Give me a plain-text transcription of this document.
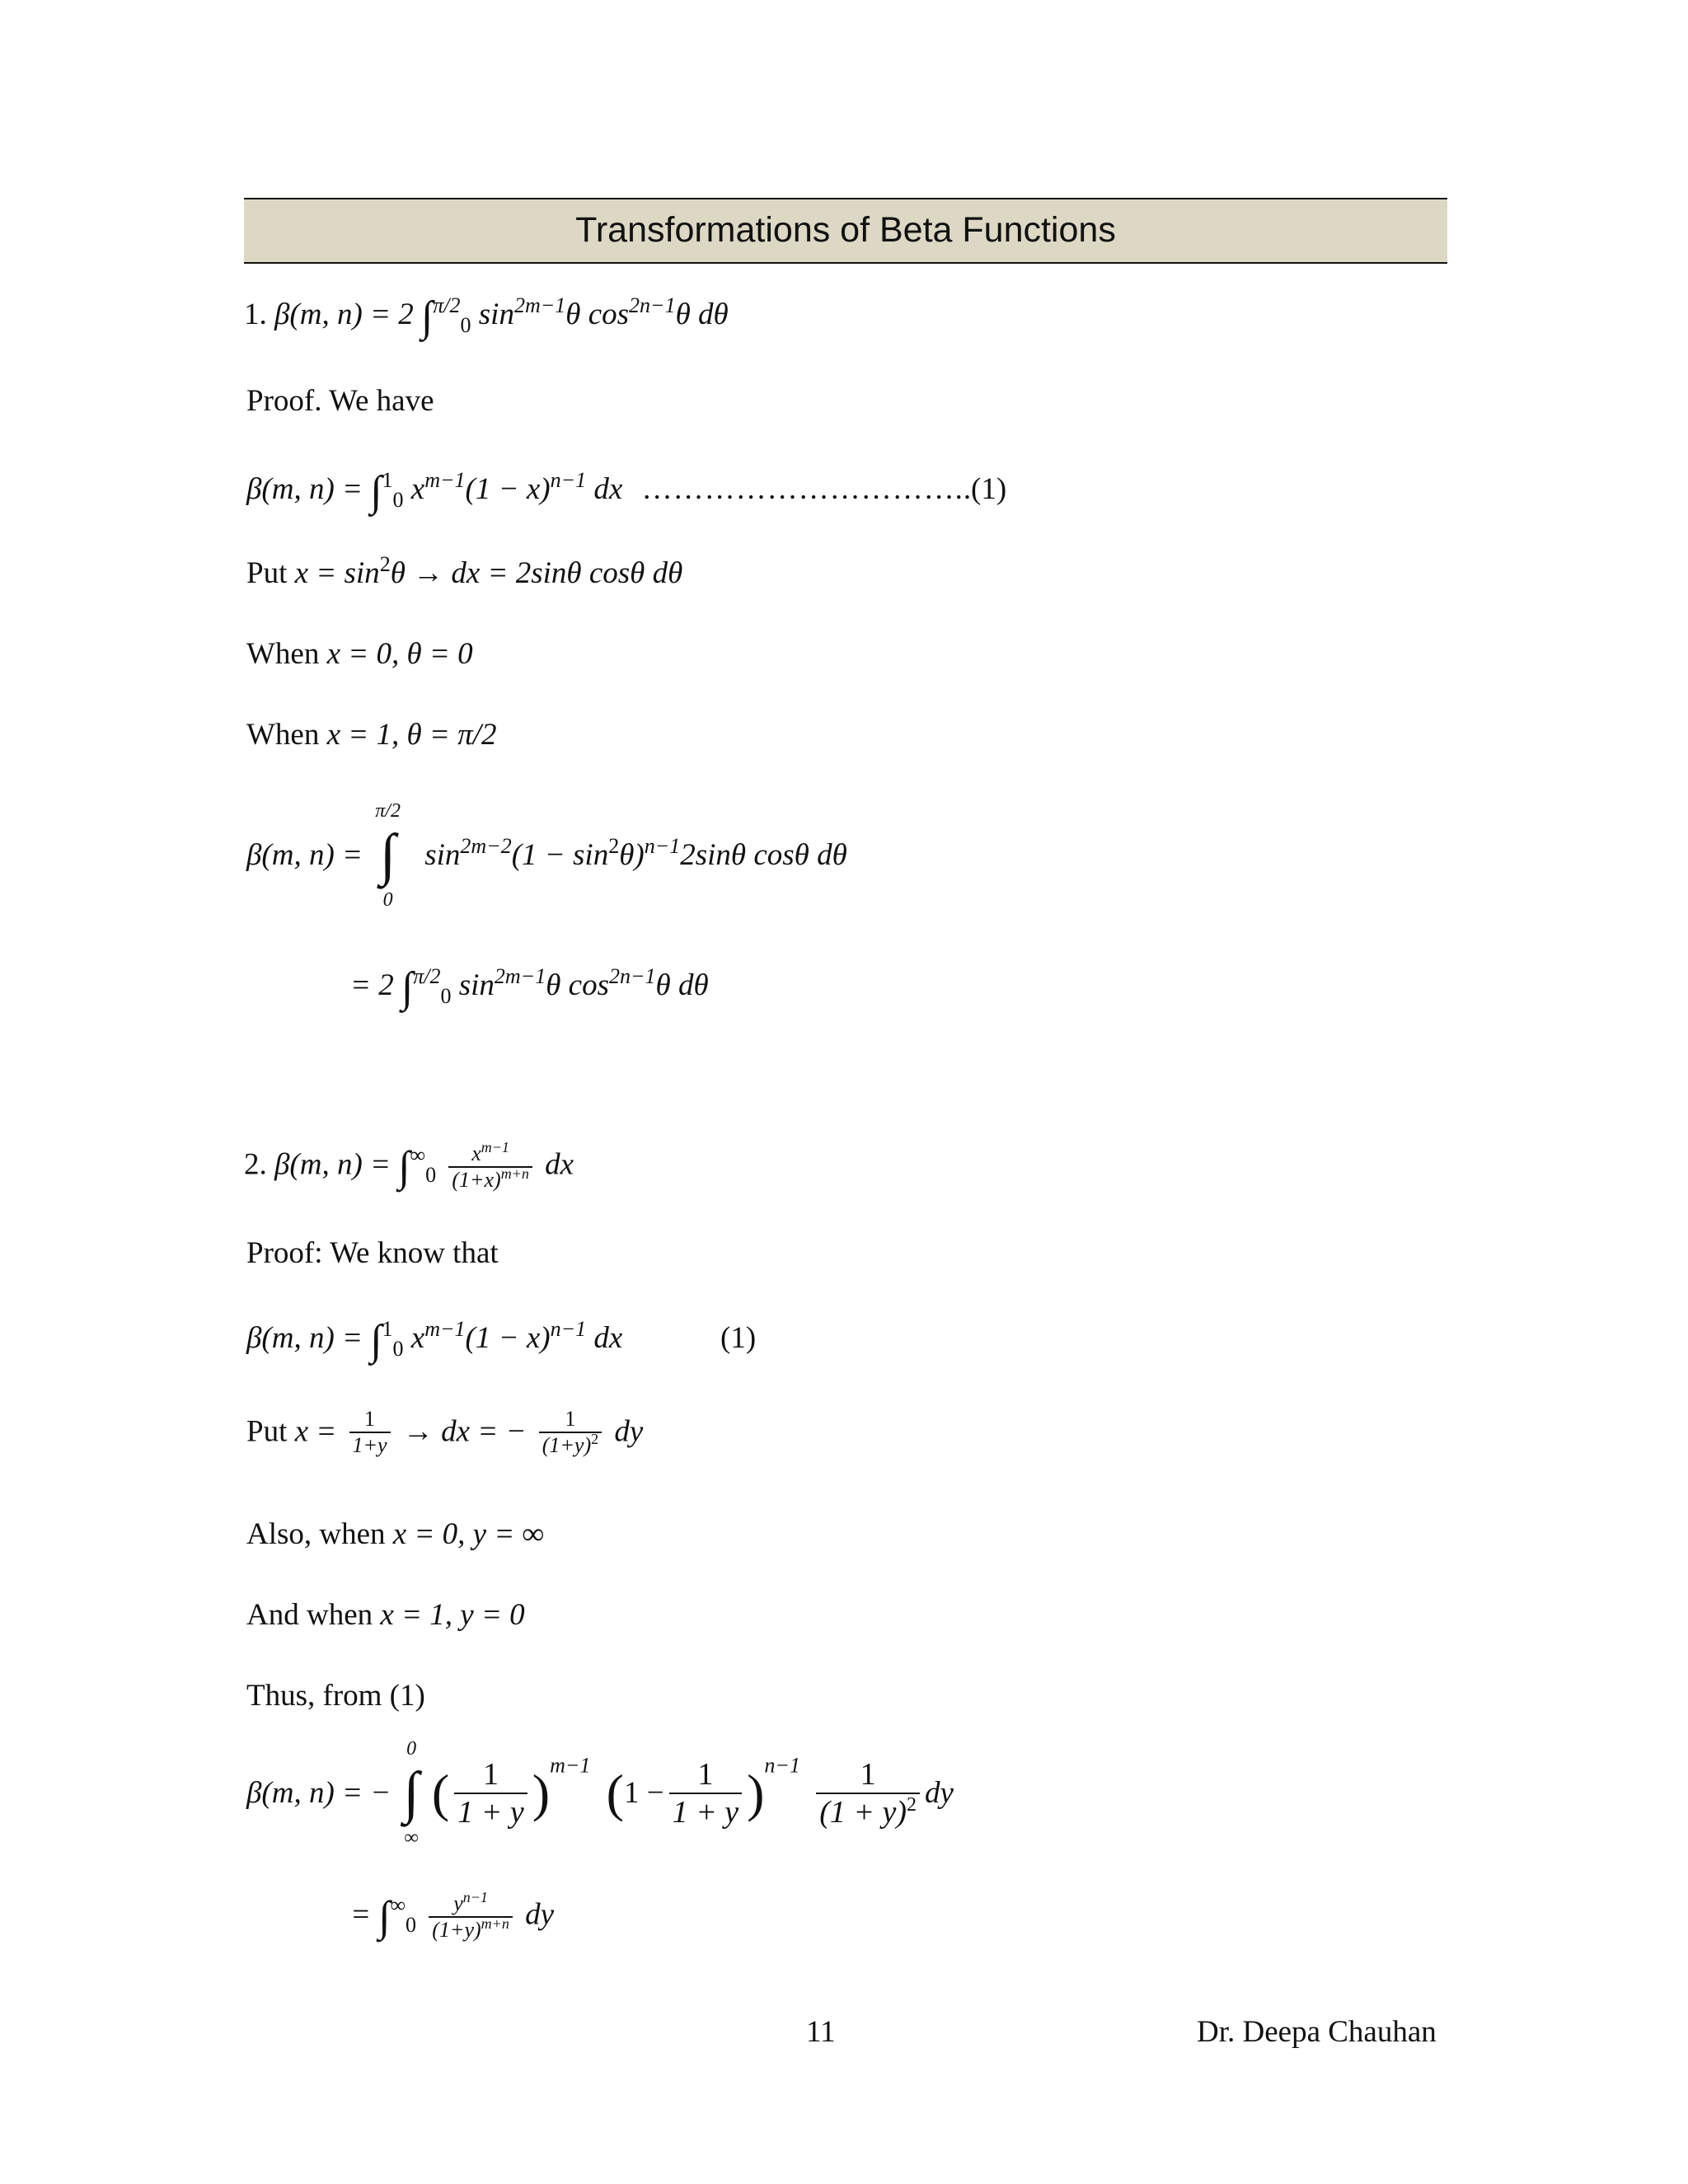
Transformations of Beta Functions
1. β(m, n) = 2 ∫$^{\pi/2}_0$ $\sin^{2m-1}\theta$ $\cos^{2n-1}\theta$ dθ
Proof. We have
β(m, n) = ∫$^1_0$ $x^{m-1}(1 - x)^{n-1}$ dx …………………………..
(1)
Put $x = \sin^2\theta$ → dx = 2sinθ cosθ dθ
When x = 0, θ = 0
When x = 1, θ = π/2
β(m, n) =
π/2
∫
0
$\sin^{2m-2}(1 - \sin^2\theta)^{n-1}2\sin\theta$ cosθ dθ
= 2 ∫$^{\pi/2}_0$ $\sin^{2m-1}\theta$ $\cos^{2n-1}\theta$ dθ
2. β(m, $n) = \int^\infty_0 \frac{x^{m-1}}{(1+x)^{m+n}}$ dx
Proof: We know that
β(m, n) = ∫$^1_0$ $x^{m-1}(1 - x)^{n-1}$ dx	(1)
Put $x = \frac{1}{1+y}$ → dx = − $\frac{1}{(1+y)^2}$ dy
Also, when x = 0, y = ∞
And when x = 1, y = 0
Thus, from (1)
β(m, n) = −
0
∫
∞
( $\frac{1}{1 + y} )^{m-1}$ $(1 - \frac{1}{1 + y} )^{n-1} \frac{1}{(1 + y)^2}$ dy
= $\int^\infty_0 \frac{y^{n-1}}{(1+y)^{m+n}}$ dy
11	Dr. Deepa Chauhan
